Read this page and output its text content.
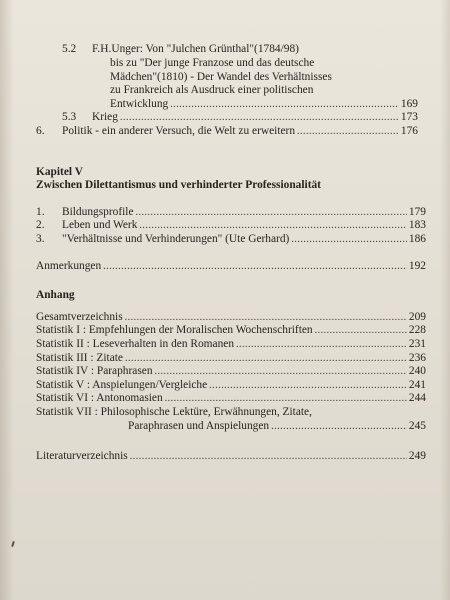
5.2 F.H.Unger: Von "Julchen Grünthal"(1784/98)
bis zu "Der junge Franzose und das deutsche
Mädchen"(1810) - Der Wandel des Verhältnisses
zu Frankreich als Ausdruck einer politischen
Entwicklung .....	169
5.3 Krieg .....	173
6. Politik - ein anderer Versuch, die Welt zu erweitern .....	176
Kapitel V
Zwischen Dilettantismus und verhinderter Professionalität
1. Bildungsprofile .....	179
2. Leben und Werk .....	183
3. "Verhältnisse und Verhinderungen" (Ute Gerhard) .....	186
Anmerkungen .....	192
Anhang
Gesamtverzeichnis .....	209
Statistik I : Empfehlungen der Moralischen Wochenschriften .....	228
Statistik II : Leseverhalten in den Romanen .....	231
Statistik III : Zitate .....	236
Statistik IV : Paraphrasen .....	240
Statistik V : Anspielungen/Vergleiche .....	241
Statistik VI : Antonomasien .....	244
Statistik VII : Philosophische Lektüre, Erwähnungen, Zitate,
Paraphrasen und Anspielungen .....	245
Literaturverzeichnis .....	249
